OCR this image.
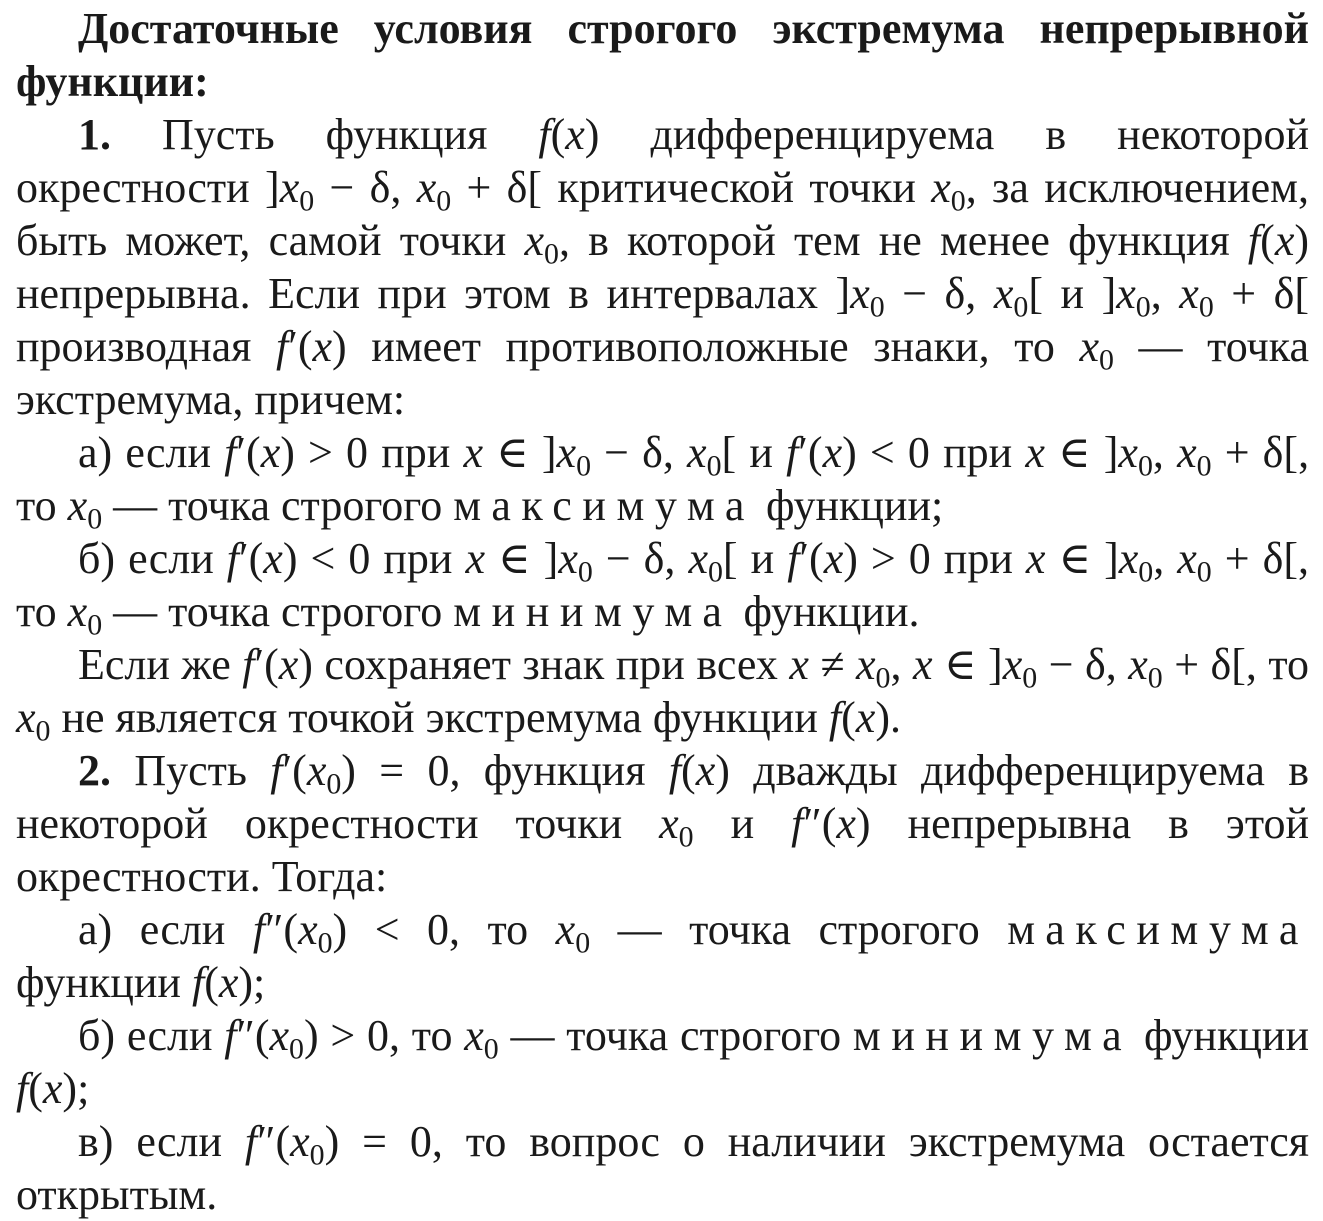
Достаточные условия строгого экстремума непрерывной функции:

1. Пусть функция f(x) дифференцируема в некоторой окрестности ]$x_0 - \delta$, $x_0 + \delta$[ критической точки $x_0$, за исключением, быть может, самой точки $x_0$, в которой тем не менее функция f(x) непрерывна. Если при этом в интервалах ]$x_0 - \delta$, $x_0$[ и ]$x_0$, $x_0 + \delta$[ производная f′(x) имеет противоположные знаки, то $x_0$ — точка экстремума, причем:

а) если f′(x) > 0 при x ∈ ]$x_0 - \delta$, $x_0$[ и f′(x) < 0 при x ∈ ]$x_0$, $x_0 + \delta$[, то $x_0$ — точка строгого максимума функции;

б) если f′(x) < 0 при x ∈ ]$x_0 - \delta$, $x_0$[ и f′(x) > 0 при x ∈ ]$x_0$, $x_0 + \delta$[, то $x_0$ — точка строгого минимума функции.

Если же f′(x) сохраняет знак при всех $x \ne x_0$, x ∈ ]$x_0 - \delta$, $x_0 + \delta$[, то $x_0$ не является точкой экстремума функции f(x).

2. Пусть $f'(x_0) = 0$, функция f(x) дважды дифференцируема в некоторой окрестности точки $x_0$ и f″(x) непрерывна в этой окрестности. Тогда:

а) если $f''(x_0) < 0$, то $x_0$ — точка строгого максимума функции f(x);

б) если $f''(x_0) > 0$, то $x_0$ — точка строгого минимума функции f(x);

в) если $f''(x_0) = 0$, то вопрос о наличии экстремума остается открытым.
